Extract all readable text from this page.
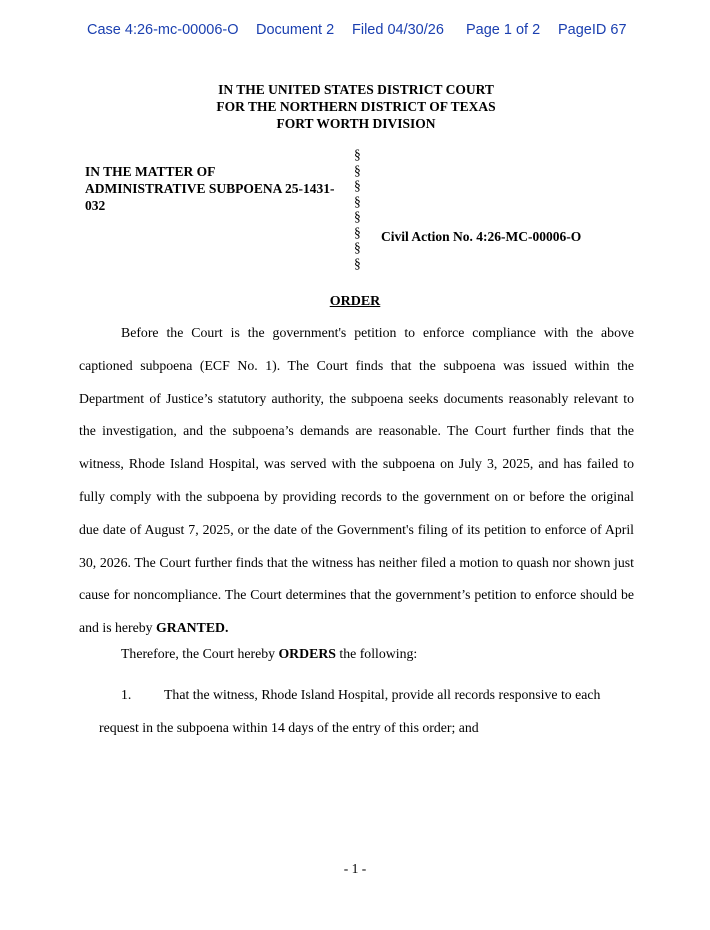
Case 4:26-mc-00006-O Document 2 Filed 04/30/26 Page 1 of 2 PageID 67
IN THE UNITED STATES DISTRICT COURT
FOR THE NORTHERN DISTRICT OF TEXAS
FORT WORTH DIVISION
IN THE MATTER OF ADMINISTRATIVE SUBPOENA 25-1431-032
§
§
§
§
§
§
§
§
Civil Action No. 4:26-MC-00006-O
ORDER

Before the Court is the government's petition to enforce compliance with the above captioned subpoena (ECF No. 1). The Court finds that the subpoena was issued within the Department of Justice’s statutory authority, the subpoena seeks documents reasonably relevant to the investigation, and the subpoena’s demands are reasonable. The Court further finds that the witness, Rhode Island Hospital, was served with the subpoena on July 3, 2025, and has failed to fully comply with the subpoena by providing records to the government on or before the original due date of August 7, 2025, or the date of the Government's filing of its petition to enforce of April 30, 2026. The Court further finds that the witness has neither filed a motion to quash nor shown just cause for noncompliance. The Court determines that the government’s petition to enforce should be and is hereby GRANTED.

Therefore, the Court hereby ORDERS the following:
1. That the witness, Rhode Island Hospital, provide all records responsive to each
request in the subpoena within 14 days of the entry of this order; and
- 1 -
